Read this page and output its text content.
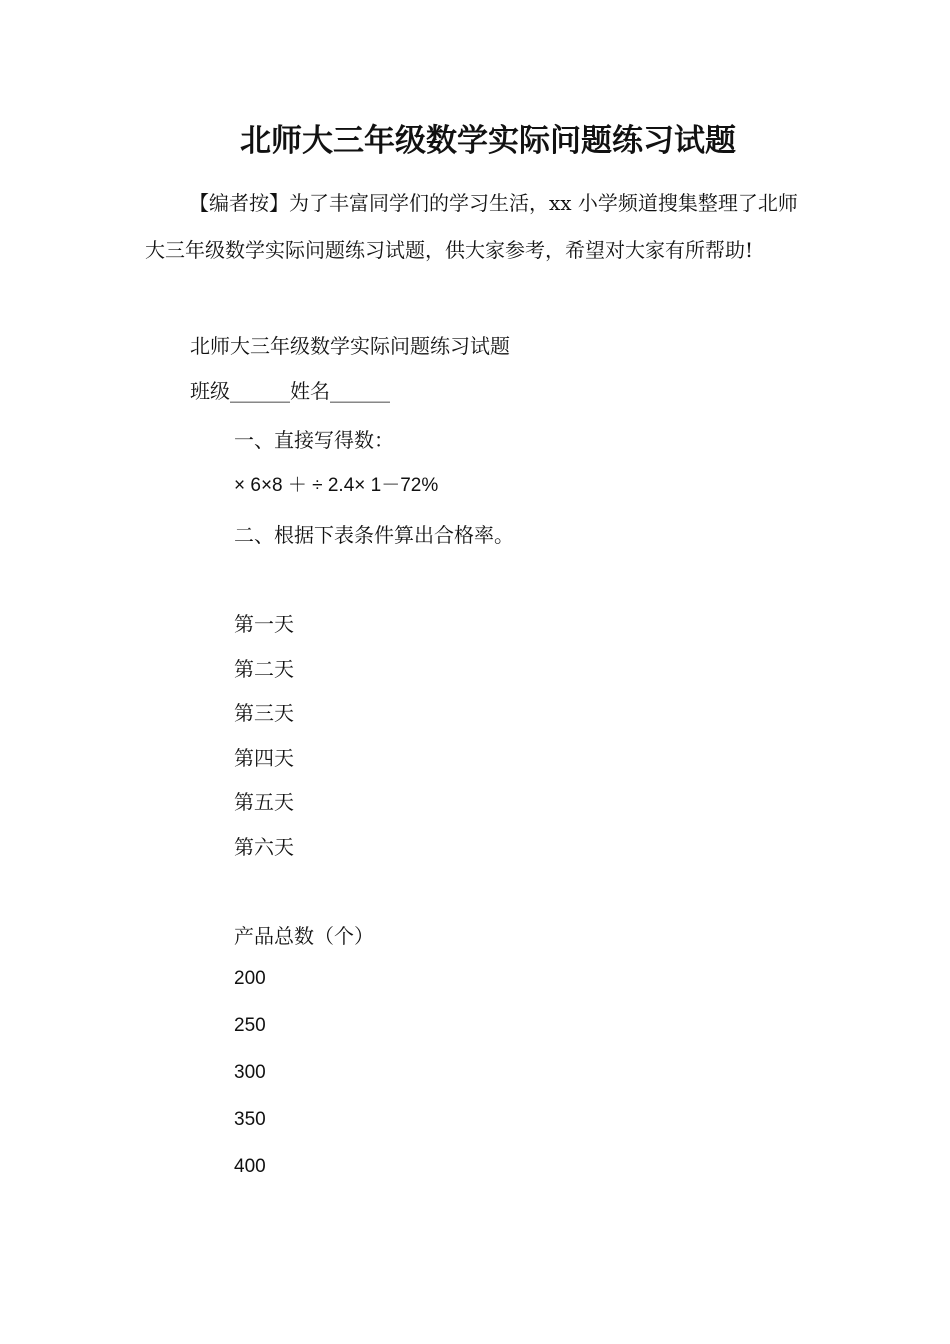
北师大三年级数学实际问题练习试题
【编者按】为了丰富同学们的学习生活，xx 小学频道搜集整理了北师大三年级数学实际问题练习试题，供大家参考，希望对大家有所帮助!
北师大三年级数学实际问题练习试题
班级______姓名______
一、直接写得数：
× 6×8 ＋ ÷ 2.4× 1－72%
二、根据下表条件算出合格率。
第一天
第二天
第三天
第四天
第五天
第六天
产品总数（个）
200
250
300
350
400
